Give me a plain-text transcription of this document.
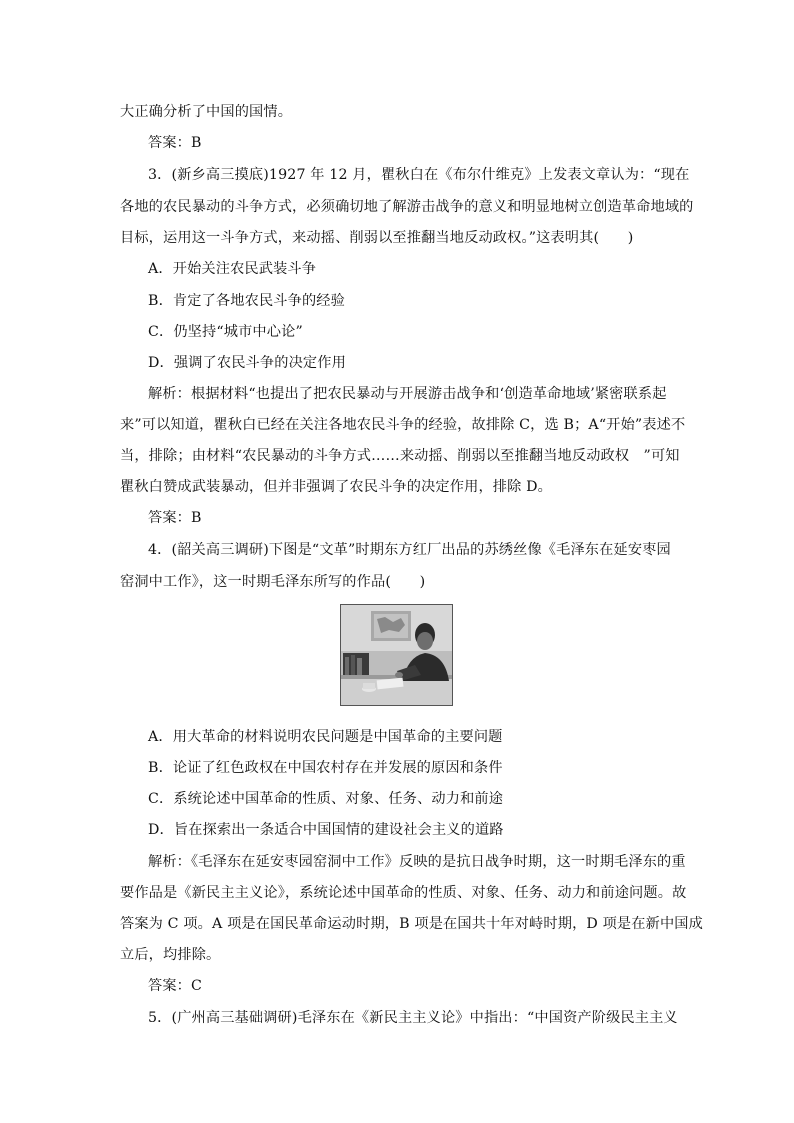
大正确分析了中国的国情。
答案：B
3．(新乡高三摸底)1927 年 12 月，瞿秋白在《布尔什维克》上发表文章认为：“现在
各地的农民暴动的斗争方式，必须确切地了解游击战争的意义和明显地树立创造革命地域的
目标，运用这一斗争方式，来动摇、削弱以至推翻当地反动政权。”这表明其(　　)
A．开始关注农民武装斗争
B．肯定了各地农民斗争的经验
C．仍坚持“城市中心论”
D．强调了农民斗争的决定作用
解析：根据材料“也提出了把农民暴动与开展游击战争和‘创造革命地域’紧密联系起
来”可以知道，瞿秋白已经在关注各地农民斗争的经验，故排除 C，选 B；A“开始”表述不
当，排除；由材料“农民暴动的斗争方式……来动摇、削弱以至推翻当地反动政权　”可知
瞿秋白赞成武装暴动，但并非强调了农民斗争的决定作用，排除 D。
答案：B
4．(韶关高三调研)下图是“文革”时期东方红厂出品的苏绣丝像《毛泽东在延安枣园
窑洞中工作》，这一时期毛泽东所写的作品(　　)
A．用大革命的材料说明农民问题是中国革命的主要问题
B．论证了红色政权在中国农村存在并发展的原因和条件
C．系统论述中国革命的性质、对象、任务、动力和前途
D．旨在探索出一条适合中国国情的建设社会主义的道路
解析：《毛泽东在延安枣园窑洞中工作》反映的是抗日战争时期，这一时期毛泽东的重
要作品是《新民主主义论》，系统论述中国革命的性质、对象、任务、动力和前途问题。故
答案为 C 项。A 项是在国民革命运动时期，B 项是在国共十年对峙时期，D 项是在新中国成
立后，均排除。
答案：C
5．(广州高三基础调研)毛泽东在《新民主主义论》中指出：“中国资产阶级民主主义
